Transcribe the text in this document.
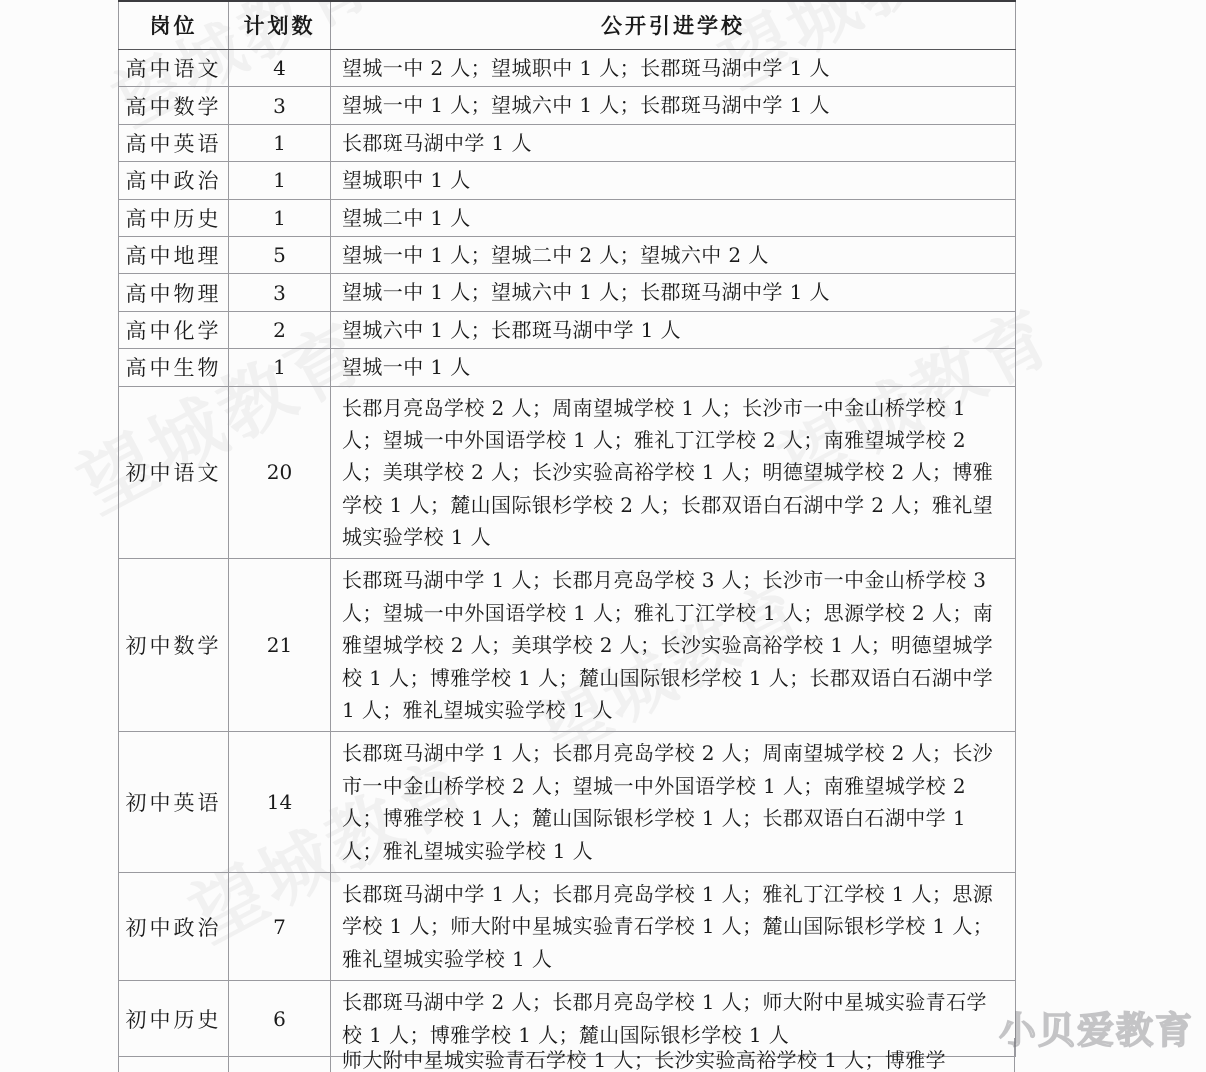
岗位	计划数	公开引进学校

高中语文	4	望城一中 2 人；望城职中 1 人；长郡斑马湖中学 1 人
高中数学	3	望城一中 1 人；望城六中 1 人；长郡斑马湖中学 1 人
高中英语	1	长郡斑马湖中学 1 人
高中政治	1	望城职中 1 人
高中历史	1	望城二中 1 人
高中地理	5	望城一中 1 人；望城二中 2 人；望城六中 2 人
高中物理	3	望城一中 1 人；望城六中 1 人；长郡斑马湖中学 1 人
高中化学	2	望城六中 1 人；长郡斑马湖中学 1 人
高中生物	1	望城一中 1 人
初中语文	20	长郡月亮岛学校 2 人；周南望城学校 1 人；长沙市一中金山桥学校 1 人；望城一中外国语学校 1 人；雅礼丁江学校 2 人；南雅望城学校 2 人；美琪学校 2 人；长沙实验高裕学校 1 人；明德望城学校 2 人；博雅学校 1 人；麓山国际银杉学校 2 人；长郡双语白石湖中学 2 人；雅礼望城实验学校 1 人
初中数学	21	长郡斑马湖中学 1 人；长郡月亮岛学校 3 人；长沙市一中金山桥学校 3 人；望城一中外国语学校 1 人；雅礼丁江学校 1 人；思源学校 2 人；南雅望城学校 2 人；美琪学校 2 人；长沙实验高裕学校 1 人；明德望城学校 1 人；博雅学校 1 人；麓山国际银杉学校 1 人；长郡双语白石湖中学 1 人；雅礼望城实验学校 1 人
初中英语	14	长郡斑马湖中学 1 人；长郡月亮岛学校 2 人；周南望城学校 2 人；长沙市一中金山桥学校 2 人；望城一中外国语学校 1 人；南雅望城学校 2 人；博雅学校 1 人；麓山国际银杉学校 1 人；长郡双语白石湖中学 1 人；雅礼望城实验学校 1 人
初中政治	7	长郡斑马湖中学 1 人；长郡月亮岛学校 1 人；雅礼丁江学校 1 人；思源学校 1 人；师大附中星城实验青石学校 1 人；麓山国际银杉学校 1 人；雅礼望城实验学校 1 人
初中历史	6	长郡斑马湖中学 2 人；长郡月亮岛学校 1 人；师大附中星城实验青石学校 1 人；博雅学校 1 人；麓山国际银杉学校 1 人
师大附中星城实验青石学校 1 人；长沙实验高裕学校 1 人；博雅学
小贝爱教育
